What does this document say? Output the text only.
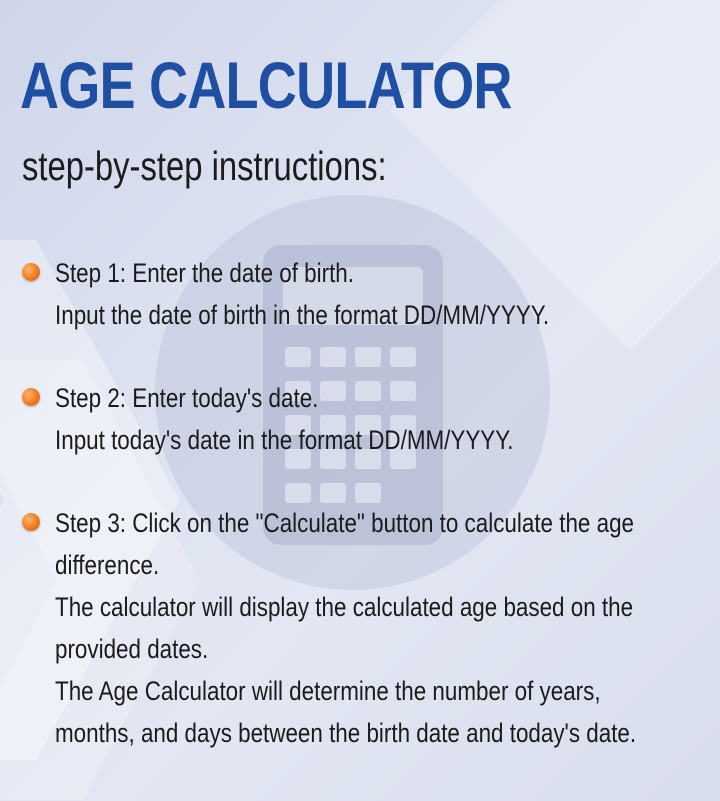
AGE CALCULATOR
step-by-step instructions:
Step 1: Enter the date of birth.
Input the date of birth in the format DD/MM/YYYY.
Step 2: Enter today's date.
Input today's date in the format DD/MM/YYYY.
Step 3: Click on the "Calculate" button to calculate the age
difference.
The calculator will display the calculated age based on the
provided dates.
The Age Calculator will determine the number of years,
months, and days between the birth date and today's date.
